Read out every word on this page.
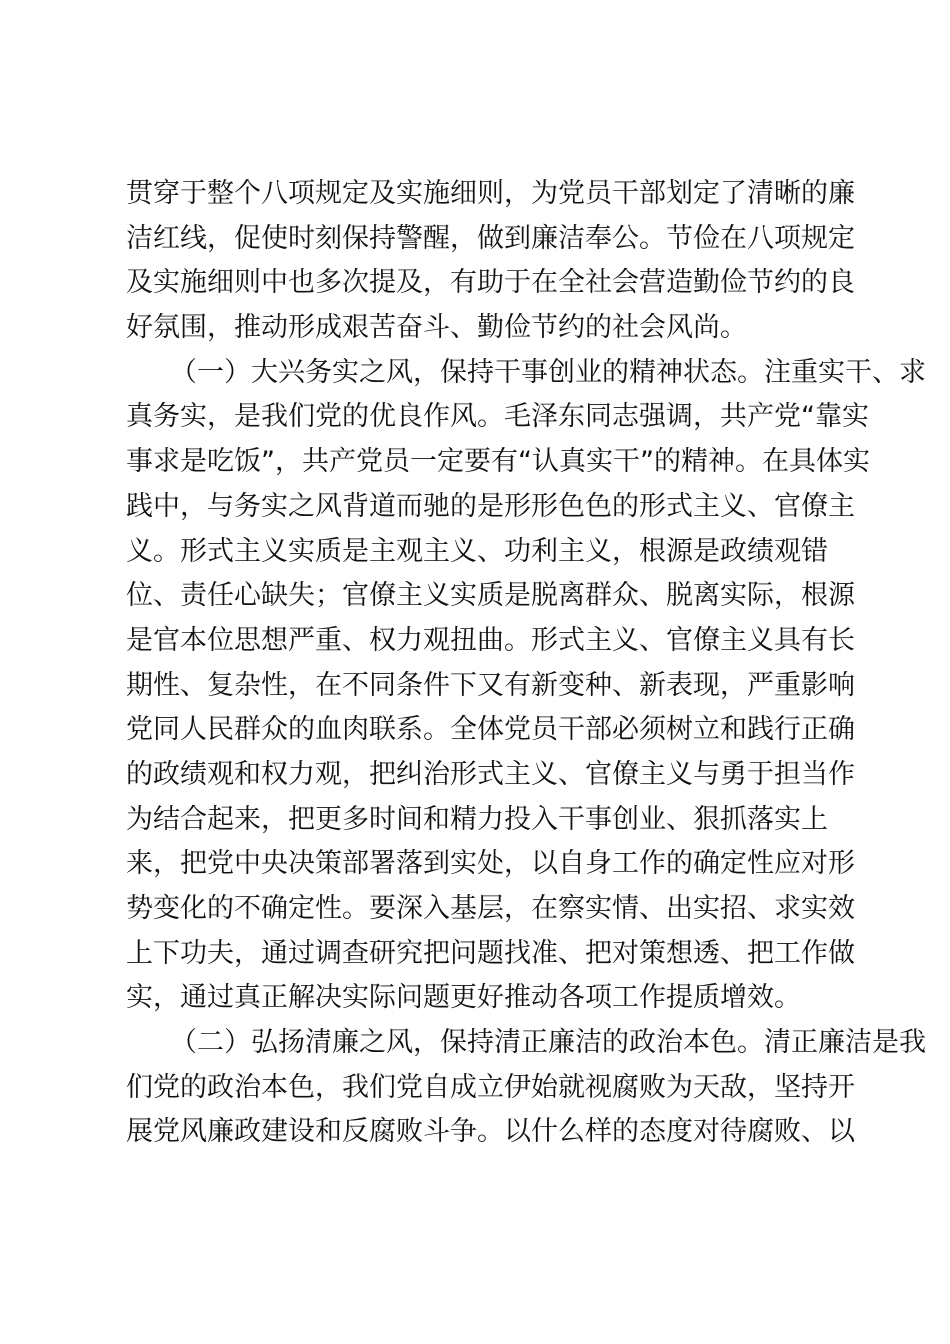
贯穿于整个八项规定及实施细则，为党员干部划定了清晰的廉
洁红线，促使时刻保持警醒，做到廉洁奉公。节俭在八项规定
及实施细则中也多次提及，有助于在全社会营造勤俭节约的良
好氛围，推动形成艰苦奋斗、勤俭节约的社会风尚。
（一）大兴务实之风，保持干事创业的精神状态。注重实干、求
真务实，是我们党的优良作风。毛泽东同志强调，共产党“靠实
事求是吃饭”，共产党员一定要有“认真实干”的精神。在具体实
践中，与务实之风背道而驰的是形形色色的形式主义、官僚主
义。形式主义实质是主观主义、功利主义，根源是政绩观错
位、责任心缺失；官僚主义实质是脱离群众、脱离实际，根源
是官本位思想严重、权力观扭曲。形式主义、官僚主义具有长
期性、复杂性，在不同条件下又有新变种、新表现，严重影响
党同人民群众的血肉联系。全体党员干部必须树立和践行正确
的政绩观和权力观，把纠治形式主义、官僚主义与勇于担当作
为结合起来，把更多时间和精力投入干事创业、狠抓落实上
来，把党中央决策部署落到实处，以自身工作的确定性应对形
势变化的不确定性。要深入基层，在察实情、出实招、求实效
上下功夫，通过调查研究把问题找准、把对策想透、把工作做
实，通过真正解决实际问题更好推动各项工作提质增效。
（二）弘扬清廉之风，保持清正廉洁的政治本色。清正廉洁是我
们党的政治本色，我们党自成立伊始就视腐败为天敌，坚持开
展党风廉政建设和反腐败斗争。以什么样的态度对待腐败、以
